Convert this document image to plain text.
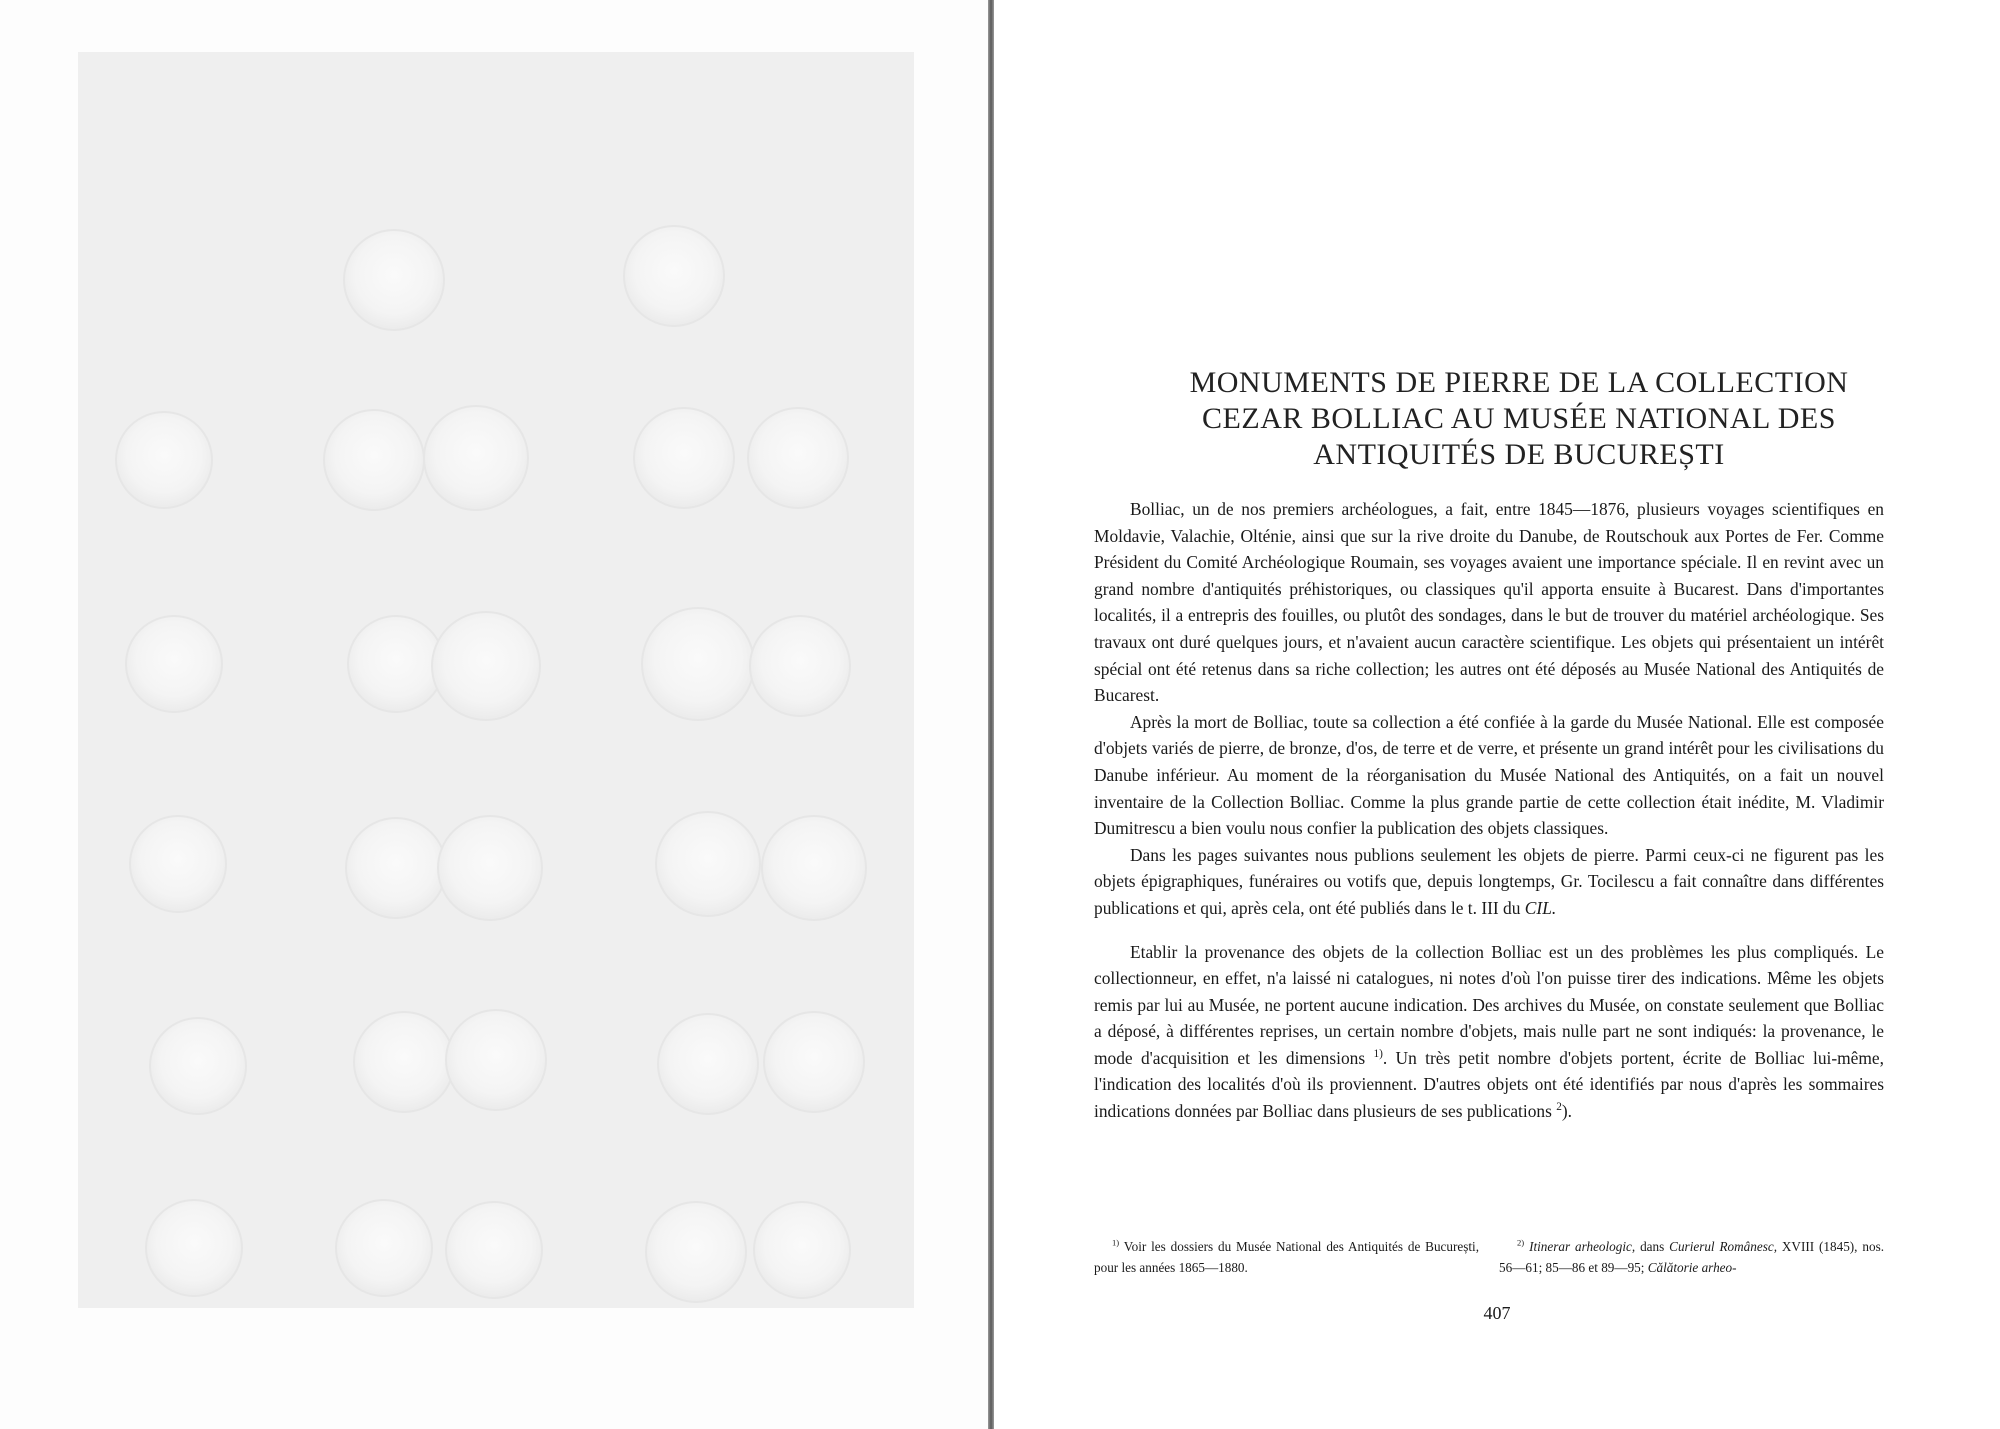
MONUMENTS DE PIERRE DE LA COLLECTION
CEZAR BOLLIAC AU MUSÉE NATIONAL DES
ANTIQUITÉS DE BUCUREȘTI

Bolliac, un de nos premiers archéologues, a fait, entre 1845—1876, plusieurs voyages scientifiques en Moldavie, Valachie, Olténie, ainsi que sur la rive droite du Danube, de Routschouk aux Portes de Fer. Comme Président du Comité Archéologique Roumain, ses voyages avaient une importance spéciale. Il en revint avec un grand nombre d'antiquités préhistoriques, ou classiques qu'il apporta ensuite à Bucarest. Dans d'importantes localités, il a entrepris des fouilles, ou plutôt des sondages, dans le but de trouver du matériel archéologique. Ses travaux ont duré quelques jours, et n'avaient aucun caractère scientifique. Les objets qui présentaient un intérêt spécial ont été retenus dans sa riche collection; les autres ont été déposés au Musée National des Antiquités de Bucarest.

Après la mort de Bolliac, toute sa collection a été confiée à la garde du Musée National. Elle est composée d'objets variés de pierre, de bronze, d'os, de terre et de verre, et présente un grand intérêt pour les civilisations du Danube inférieur. Au moment de la réorganisation du Musée National des Antiquités, on a fait un nouvel inventaire de la Collection Bolliac. Comme la plus grande partie de cette collection était inédite, M. Vladimir Dumitrescu a bien voulu nous confier la publication des objets classiques.

Dans les pages suivantes nous publions seulement les objets de pierre. Parmi ceux-ci ne figurent pas les objets épigraphiques, funéraires ou votifs que, depuis longtemps, Gr. Tocilescu a fait connaître dans différentes publications et qui, après cela, ont été publiés dans le t. III du CIL.

Etablir la provenance des objets de la collection Bolliac est un des problèmes les plus compliqués. Le collectionneur, en effet, n'a laissé ni catalogues, ni notes d'où l'on puisse tirer des indications. Même les objets remis par lui au Musée, ne portent aucune indication. Des archives du Musée, on constate seulement que Bolliac a déposé, à différentes reprises, un certain nombre d'objets, mais nulle part ne sont indiqués: la provenance, le mode d'acquisition et les dimensions $^{1)}$. Un très petit nombre d'objets portent, écrite de Bolliac lui-même, l'indication des localités d'où ils proviennent. D'autres objets ont été identifiés par nous d'après les sommaires indications données par Bolliac dans plusieurs de ses publications $^2$).

$^{1)}$ Voir les dossiers du Musée National des Antiquités de București, pour les années 1865—1880.
$^{2)}$ Itinerar arheologic, dans Curierul Românesc, XVIII (1845), nos. 56—61; 85—86 et 89—95; Călătorie arheo-
407
